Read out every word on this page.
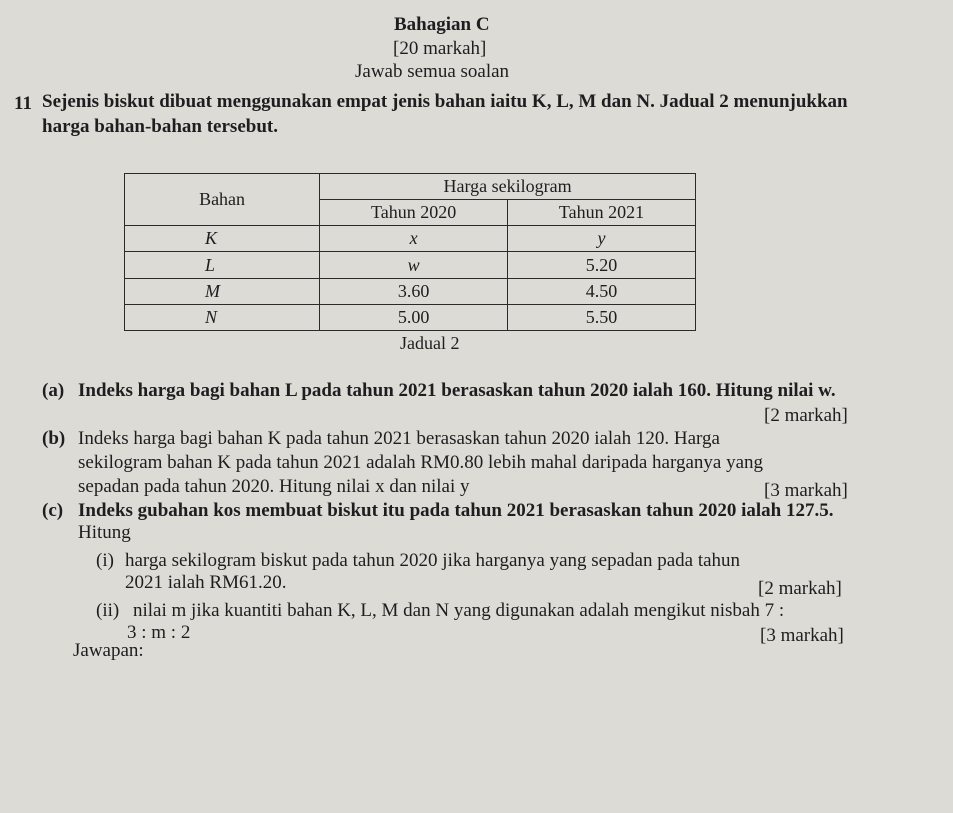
Bahagian C
[20 markah]
Jawab semua soalan
11 Sejenis biskut dibuat menggunakan empat jenis bahan iaitu K, L, M dan N. Jadual 2 menunjukkan
harga bahan-bahan tersebut.
Bahan	Harga sekilogram	
	Tahun 2020	Tahun 2021
K	x	y
L	w	5.20
M	3.60	4.50
N	5.00	5.50
Jadual 2
(a) Indeks harga bagi bahan L pada tahun 2021 berasaskan tahun 2020 ialah 160. Hitung nilai w.
[2 markah]
(b) Indeks harga bagi bahan K pada tahun 2021 berasaskan tahun 2020 ialah 120. Harga
sekilogram bahan K pada tahun 2021 adalah RM0.80 lebih mahal daripada harganya yang
sepadan pada tahun 2020. Hitung nilai x dan nilai y	[3 markah]
(c) Indeks gubahan kos membuat biskut itu pada tahun 2021 berasaskan tahun 2020 ialah 127.5.
Hitung
(i) harga sekilogram biskut pada tahun 2020 jika harganya yang sepadan pada tahun
2021 ialah RM61.20.	[2 markah]
(ii) nilai m jika kuantiti bahan K, L, M dan N yang digunakan adalah mengikut nisbah 7 :
3 : m : 2	[3 markah]
Jawapan:
